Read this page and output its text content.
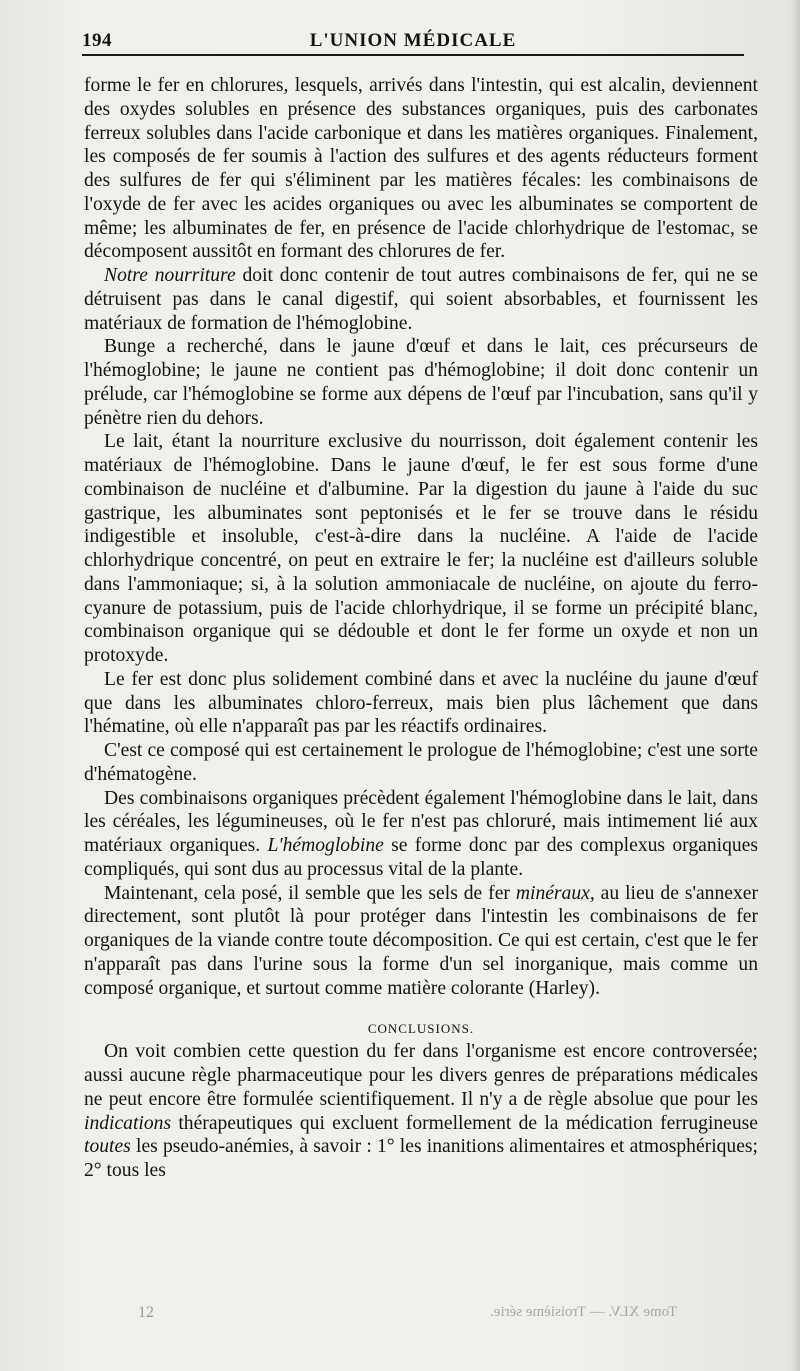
194	L'UNION MÉDICALE

forme le fer en chlorures, lesquels, arrivés dans l'intestin, qui est alcalin, deviennent des oxydes solubles en présence des substances organiques, puis des carbonates ferreux solubles dans l'acide carbonique et dans les matières organiques. Finalement, les composés de fer soumis à l'action des sulfures et des agents réducteurs forment des sulfures de fer qui s'éliminent par les matières fécales: les combinaisons de l'oxyde de fer avec les acides organiques ou avec les albuminates se comportent de même; les albuminates de fer, en présence de l'acide chlorhydrique de l'estomac, se décomposent aussitôt en formant des chlorures de fer.

Notre nourriture doit donc contenir de tout autres combinaisons de fer, qui ne se détruisent pas dans le canal digestif, qui soient absorbables, et fournissent les matériaux de formation de l'hémoglobine.

Bunge a recherché, dans le jaune d'œuf et dans le lait, ces précurseurs de l'hémoglobine; le jaune ne contient pas d'hémoglobine; il doit donc contenir un prélude, car l'hémoglobine se forme aux dépens de l'œuf par l'incubation, sans qu'il y pénètre rien du dehors.

Le lait, étant la nourriture exclusive du nourrisson, doit également contenir les matériaux de l'hémoglobine. Dans le jaune d'œuf, le fer est sous forme d'une combinaison de nucléine et d'albumine. Par la digestion du jaune à l'aide du suc gastrique, les albuminates sont peptonisés et le fer se trouve dans le résidu indigestible et insoluble, c'est-à-dire dans la nucléine. A l'aide de l'acide chlorhydrique concentré, on peut en extraire le fer; la nucléine est d'ailleurs soluble dans l'ammoniaque; si, à la solution ammoniacale de nucléine, on ajoute du ferro-cyanure de potassium, puis de l'acide chlorhydrique, il se forme un précipité blanc, combinaison organique qui se dédouble et dont le fer forme un oxyde et non un protoxyde.

Le fer est donc plus solidement combiné dans et avec la nucléine du jaune d'œuf que dans les albuminates chloro-ferreux, mais bien plus lâchement que dans l'hématine, où elle n'apparaît pas par les réactifs ordinaires.

C'est ce composé qui est certainement le prologue de l'hémoglobine; c'est une sorte d'hématogène.

Des combinaisons organiques précèdent également l'hémoglobine dans le lait, dans les céréales, les légumineuses, où le fer n'est pas chloruré, mais intimement lié aux matériaux organiques. L'hémoglobine se forme donc par des complexus organiques compliqués, qui sont dus au processus vital de la plante.

Maintenant, cela posé, il semble que les sels de fer minéraux, au lieu de s'annexer directement, sont plutôt là pour protéger dans l'intestin les combinaisons de fer organiques de la viande contre toute décomposition. Ce qui est certain, c'est que le fer n'apparaît pas dans l'urine sous la forme d'un sel inorganique, mais comme un composé organique, et surtout comme matière colorante (Harley).

CONCLUSIONS.

On voit combien cette question du fer dans l'organisme est encore controversée; aussi aucune règle pharmaceutique pour les divers genres de préparations médicales ne peut encore être formulée scientifiquement. Il n'y a de règle absolue que pour les indications thérapeutiques qui excluent formellement de la médication ferrugineuse toutes les pseudo-anémies, à savoir : 1° les inanitions alimentaires et atmosphériques; 2° tous les

12	Tome XLV. — Troisième série.
